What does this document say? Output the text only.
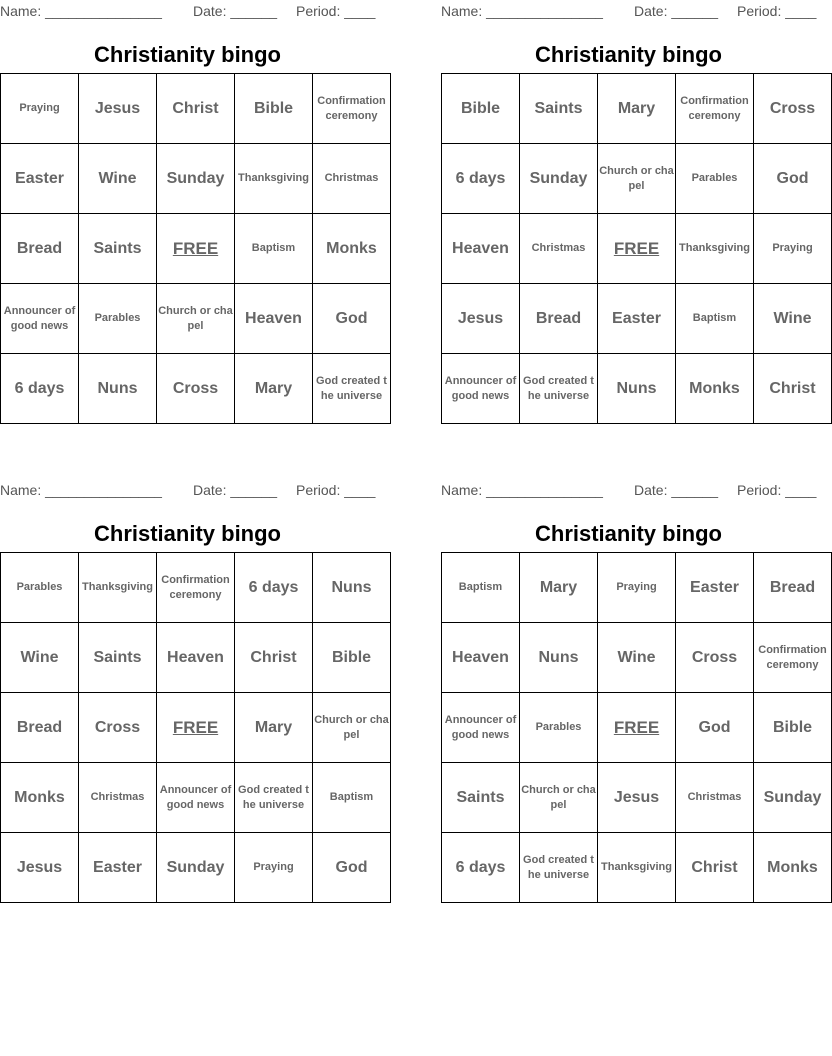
Name: _______________ Date: ______ Period: ____
Christianity bingo
Praying	Jesus	Christ	Bible	Confirmation ceremony
Easter	Wine	Sunday	Thanksgiving	Christmas
Bread	Saints	FREE	Baptism	Monks
Announcer of good news	Parables	Church or chapel	Heaven	God
6 days	Nuns	Cross	Mary	God created the universe
Name: _______________ Date: ______ Period: ____
Christianity bingo
Bible	Saints	Mary	Confirmation ceremony	Cross
6 days	Sunday	Church or chapel	Parables	God
Heaven	Christmas	FREE	Thanksgiving	Praying
Jesus	Bread	Easter	Baptism	Wine
Announcer of good news	God created the universe	Nuns	Monks	Christ
Name: _______________ Date: ______ Period: ____
Christianity bingo
Parables	Thanksgiving	Confirmation ceremony	6 days	Nuns
Wine	Saints	Heaven	Christ	Bible
Bread	Cross	FREE	Mary	Church or chapel
Monks	Christmas	Announcer of good news	God created the universe	Baptism
Jesus	Easter	Sunday	Praying	God
Name: _______________ Date: ______ Period: ____
Christianity bingo
Baptism	Mary	Praying	Easter	Bread
Heaven	Nuns	Wine	Cross	Confirmation ceremony
Announcer of good news	Parables	FREE	God	Bible
Saints	Church or chapel	Jesus	Christmas	Sunday
6 days	God created the universe	Thanksgiving	Christ	Monks
